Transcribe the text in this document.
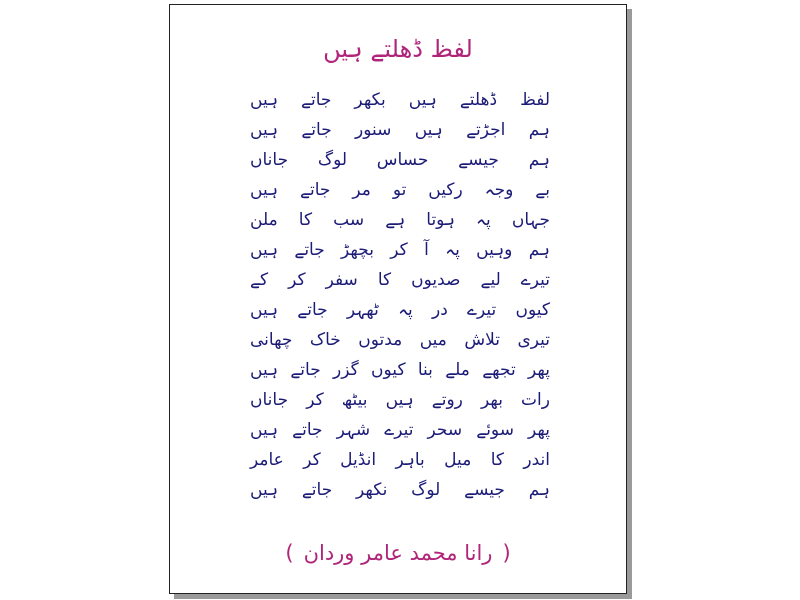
لفظ ڈھلتے ہیں
لفظ ڈھلتے ہیں بکھر جاتے ہیں
ہم اجڑتے ہیں سنور جاتے ہیں
ہم جیسے حساس لوگ جاناں
بے وجہ رکیں تو مر جاتے ہیں
جہاں پہ ہوتا ہے سب کا ملن
ہم وہیں پہ آ کر بچھڑ جاتے ہیں
تیرے لیے صدیوں کا سفر کر کے
کیوں تیرے در پہ ٹھہر جاتے ہیں
تیری تلاش میں مدتوں خاک چھانی
پھر تجھے ملے بنا کیوں گزر جاتے ہیں
رات بھر روتے ہیں بیٹھ کر جاناں
پھر سوئے سحر تیرے شہر جاتے ہیں
اندر کا میل باہر انڈیل کر عامر
ہم جیسے لوگ نکھر جاتے ہیں
(رانا محمد عامر وردان)
